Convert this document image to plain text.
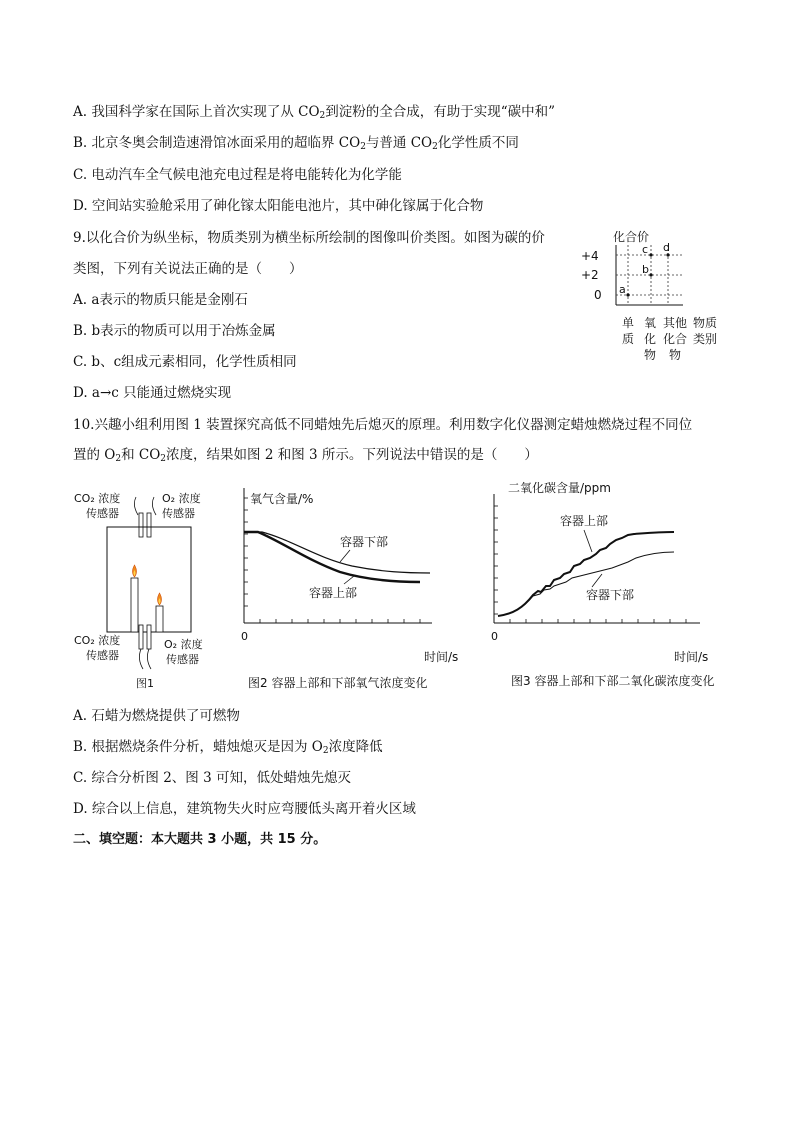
A. 我国科学家在国际上首次实现了从 $CO_2$到淀粉的全合成，有助于实现“碳中和”
B. 北京冬奥会制造速滑馆冰面采用的超临界 $CO_2$与普通 $CO_2$化学性质不同
C. 电动汽车全气候电池充电过程是将电能转化为化学能
D. 空间站实验舱采用了砷化镓太阳能电池片，其中砷化镓属于化合物
9.以化合价为纵坐标，物质类别为横坐标所绘制的图像叫价类图。如图为碳的价
类图，下列有关说法正确的是（　　）
A. a表示的物质只能是金刚石
B. b表示的物质可以用于冶炼金属
C. b、c组成元素相同，化学性质相同
D. a→c 只能通过燃烧实现
化合价
+4
+2
0 a
b
c d
单
质
氧
化
物
其他
化合
物
物质
类别
10.兴趣小组利用图 1 装置探究高低不同蜡烛先后熄灭的原理。利用数字化仪器测定蜡烛燃烧过程不同位
置的 $O_2$和 $CO_2$浓度，结果如图 2 和图 3 所示。下列说法中错误的是（　　）
CO₂ 浓度
传感器
O₂ 浓度
传感器
CO₂ 浓度
传感器
O₂ 浓度
传感器
图1
氧气含量/%
0
时间/s
容器下部
容器上部
图2 容器上部和下部氧气浓度变化
二氧化碳含量/ppm
0
时间/s
容器上部
容器下部
图3 容器上部和下部二氧化碳浓度变化
A. 石蜡为燃烧提供了可燃物
B. 根据燃烧条件分析，蜡烛熄灭是因为 $O_2$浓度降低
C. 综合分析图 2、图 3 可知，低处蜡烛先熄灭
D. 综合以上信息，建筑物失火时应弯腰低头离开着火区域
二、填空题：本大题共 3 小题，共 15 分。
